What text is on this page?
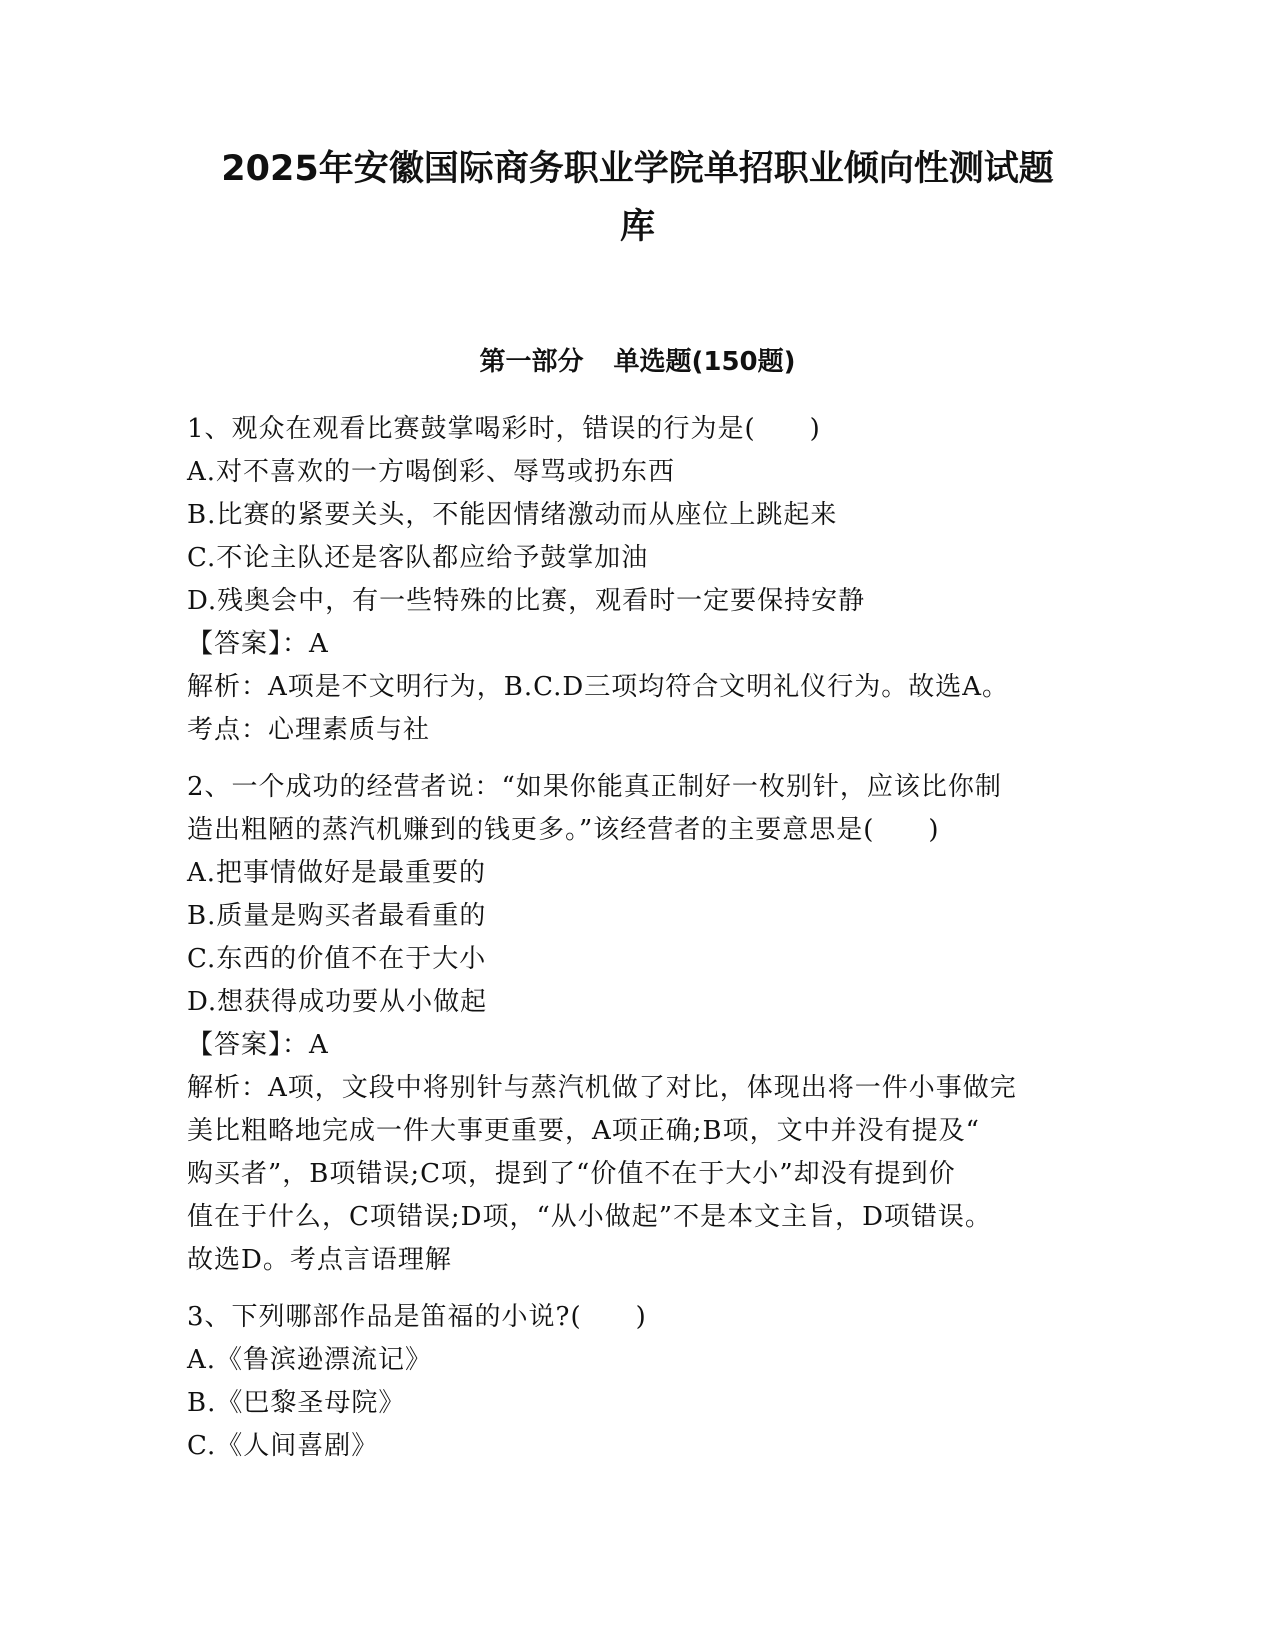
2025年安徽国际商务职业学院单招职业倾向性测试题
库
第一部分 单选题(150题)
1、观众在观看比赛鼓掌喝彩时，错误的行为是(　　)
A.对不喜欢的一方喝倒彩、辱骂或扔东西
B.比赛的紧要关头，不能因情绪激动而从座位上跳起来
C.不论主队还是客队都应给予鼓掌加油
D.残奥会中，有一些特殊的比赛，观看时一定要保持安静
【答案】：A
解析：A项是不文明行为，B.C.D三项均符合文明礼仪行为。故选A。
考点：心理素质与社
2、一个成功的经营者说：“如果你能真正制好一枚别针，应该比你制
造出粗陋的蒸汽机赚到的钱更多。”该经营者的主要意思是(　　)
A.把事情做好是最重要的
B.质量是购买者最看重的
C.东西的价值不在于大小
D.想获得成功要从小做起
【答案】：A
解析：A项，文段中将别针与蒸汽机做了对比，体现出将一件小事做完
美比粗略地完成一件大事更重要，A项正确;B项，文中并没有提及“
购买者”，B项错误;C项，提到了“价值不在于大小”却没有提到价
值在于什么，C项错误;D项，“从小做起”不是本文主旨，D项错误。
故选D。考点言语理解
3、下列哪部作品是笛福的小说?(　　)
A.《鲁滨逊漂流记》
B.《巴黎圣母院》
C.《人间喜剧》
